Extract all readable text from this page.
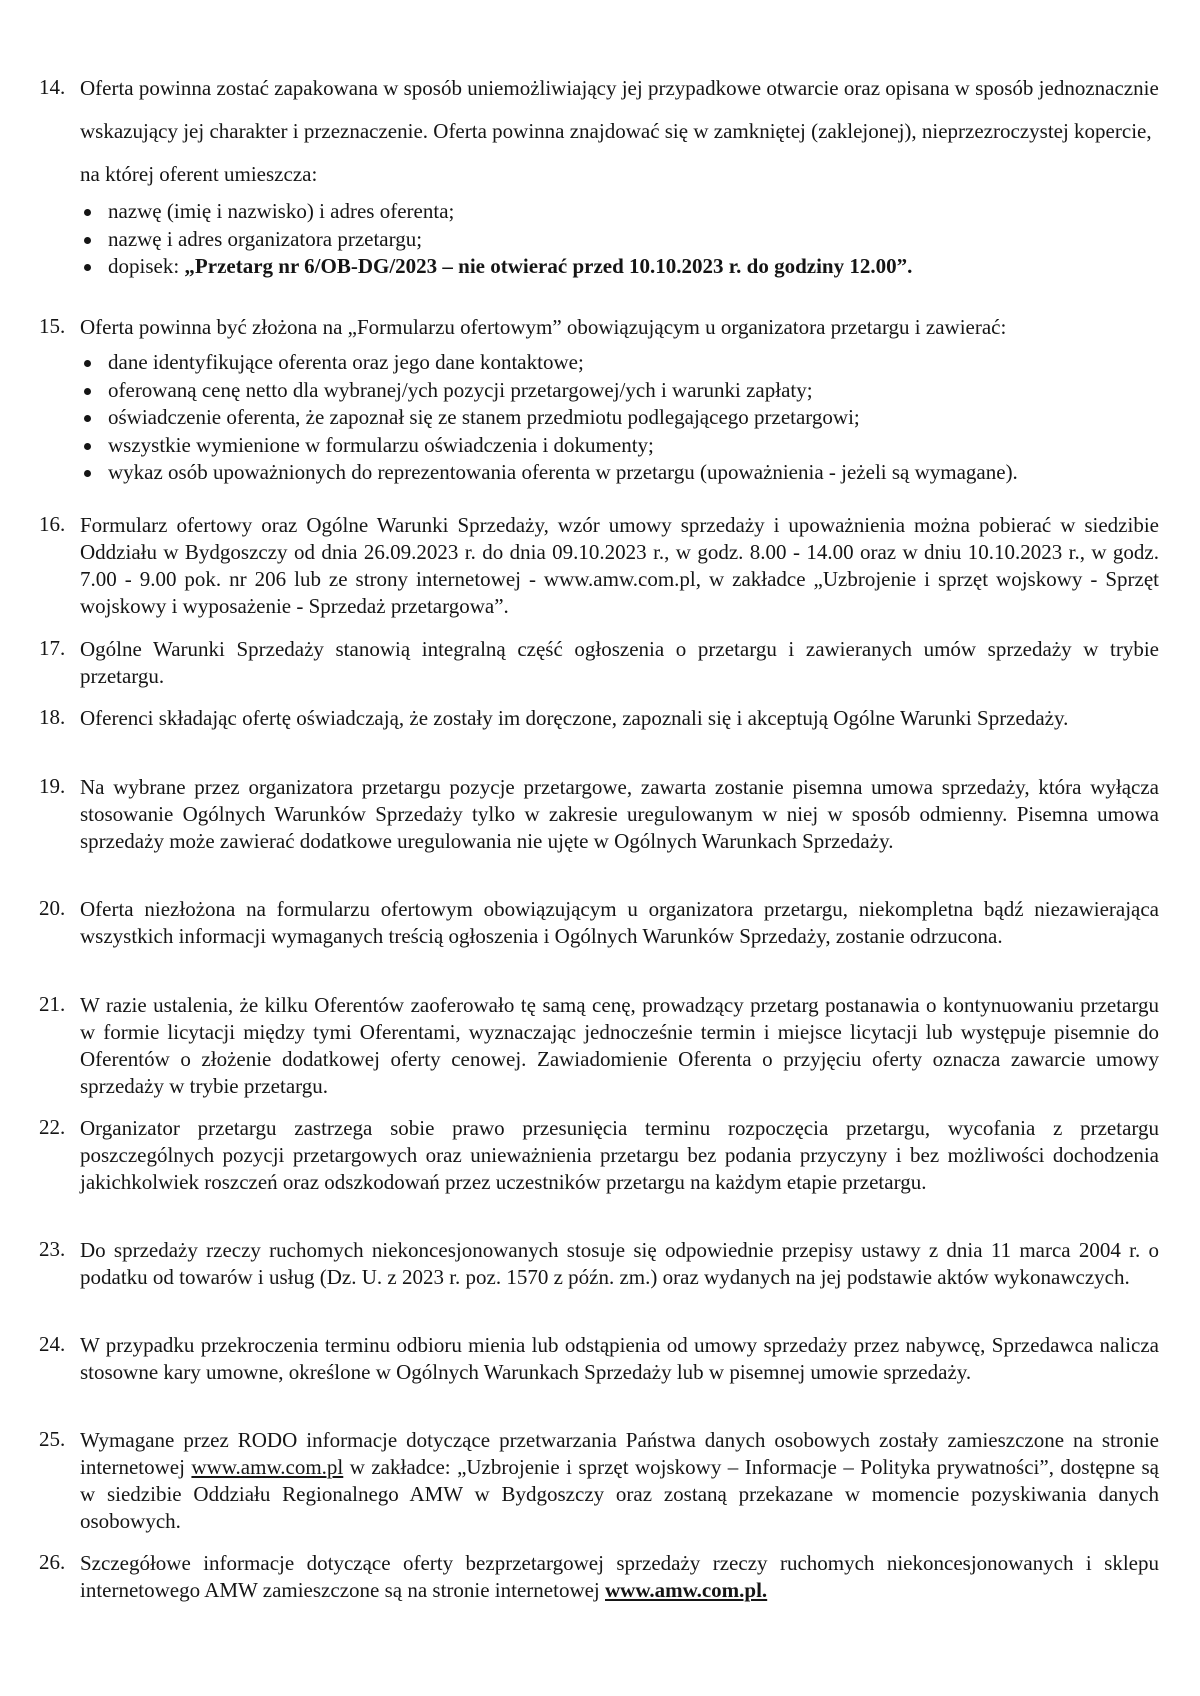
14. Oferta powinna zostać zapakowana w sposób uniemożliwiający jej przypadkowe otwarcie oraz opisana w sposób jednoznacznie wskazujący jej charakter i przeznaczenie. Oferta powinna znajdować się w zamkniętej (zaklejonej), nieprzezroczystej kopercie, na której oferent umieszcza:
nazwę (imię i nazwisko) i adres oferenta;
nazwę i adres organizatora przetargu;
dopisek: „Przetarg nr 6/OB-DG/2023 – nie otwierać przed 10.10.2023 r. do godziny 12.00”.
15. Oferta powinna być złożona na „Formularzu ofertowym” obowiązującym u organizatora przetargu i zawierać:
dane identyfikujące oferenta oraz jego dane kontaktowe;
oferowaną cenę netto dla wybranej/ych pozycji przetargowej/ych i warunki zapłaty;
oświadczenie oferenta, że zapoznał się ze stanem przedmiotu podlegającego przetargowi;
wszystkie wymienione w formularzu oświadczenia i dokumenty;
wykaz osób upoważnionych do reprezentowania oferenta w przetargu (upoważnienia - jeżeli są wymagane).
16. Formularz ofertowy oraz Ogólne Warunki Sprzedaży, wzór umowy sprzedaży i upoważnienia można pobierać w siedzibie Oddziału w Bydgoszczy od dnia 26.09.2023 r. do dnia 09.10.2023 r., w godz. 8.00 - 14.00 oraz w dniu 10.10.2023 r., w godz. 7.00 - 9.00 pok. nr 206 lub ze strony internetowej - www.amw.com.pl, w zakładce „Uzbrojenie i sprzęt wojskowy - Sprzęt wojskowy i wyposażenie - Sprzedaż przetargowa”.
17. Ogólne Warunki Sprzedaży stanowią integralną część ogłoszenia o przetargu i zawieranych umów sprzedaży w trybie przetargu.
18. Oferenci składając ofertę oświadczają, że zostały im doręczone, zapoznali się i akceptują Ogólne Warunki Sprzedaży.
19. Na wybrane przez organizatora przetargu pozycje przetargowe, zawarta zostanie pisemna umowa sprzedaży, która wyłącza stosowanie Ogólnych Warunków Sprzedaży tylko w zakresie uregulowanym w niej w sposób odmienny. Pisemna umowa sprzedaży może zawierać dodatkowe uregulowania nie ujęte w Ogólnych Warunkach Sprzedaży.
20. Oferta niezłożona na formularzu ofertowym obowiązującym u organizatora przetargu, niekompletna bądź niezawierająca wszystkich informacji wymaganych treścią ogłoszenia i Ogólnych Warunków Sprzedaży, zostanie odrzucona.
21. W razie ustalenia, że kilku Oferentów zaoferowało tę samą cenę, prowadzący przetarg postanawia o kontynuowaniu przetargu w formie licytacji między tymi Oferentami, wyznaczając jednocześnie termin i miejsce licytacji lub występuje pisemnie do Oferentów o złożenie dodatkowej oferty cenowej. Zawiadomienie Oferenta o przyjęciu oferty oznacza zawarcie umowy sprzedaży w trybie przetargu.
22. Organizator przetargu zastrzega sobie prawo przesunięcia terminu rozpoczęcia przetargu, wycofania z przetargu poszczególnych pozycji przetargowych oraz unieważnienia przetargu bez podania przyczyny i bez możliwości dochodzenia jakichkolwiek roszczeń oraz odszkodowań przez uczestników przetargu na każdym etapie przetargu.
23. Do sprzedaży rzeczy ruchomych niekoncesjonowanych stosuje się odpowiednie przepisy ustawy z dnia 11 marca 2004 r. o podatku od towarów i usług (Dz. U. z 2023 r. poz. 1570 z późn. zm.) oraz wydanych na jej podstawie aktów wykonawczych.
24. W przypadku przekroczenia terminu odbioru mienia lub odstąpienia od umowy sprzedaży przez nabywcę, Sprzedawca nalicza stosowne kary umowne, określone w Ogólnych Warunkach Sprzedaży lub w pisemnej umowie sprzedaży.
25. Wymagane przez RODO informacje dotyczące przetwarzania Państwa danych osobowych zostały zamieszczone na stronie internetowej www.amw.com.pl w zakładce: „Uzbrojenie i sprzęt wojskowy – Informacje – Polityka prywatności”, dostępne są w siedzibie Oddziału Regionalnego AMW w Bydgoszczy oraz zostaną przekazane w momencie pozyskiwania danych osobowych.
26. Szczegółowe informacje dotyczące oferty bezprzetargowej sprzedaży rzeczy ruchomych niekoncesjonowanych i sklepu internetowego AMW zamieszczone są na stronie internetowej www.amw.com.pl.
